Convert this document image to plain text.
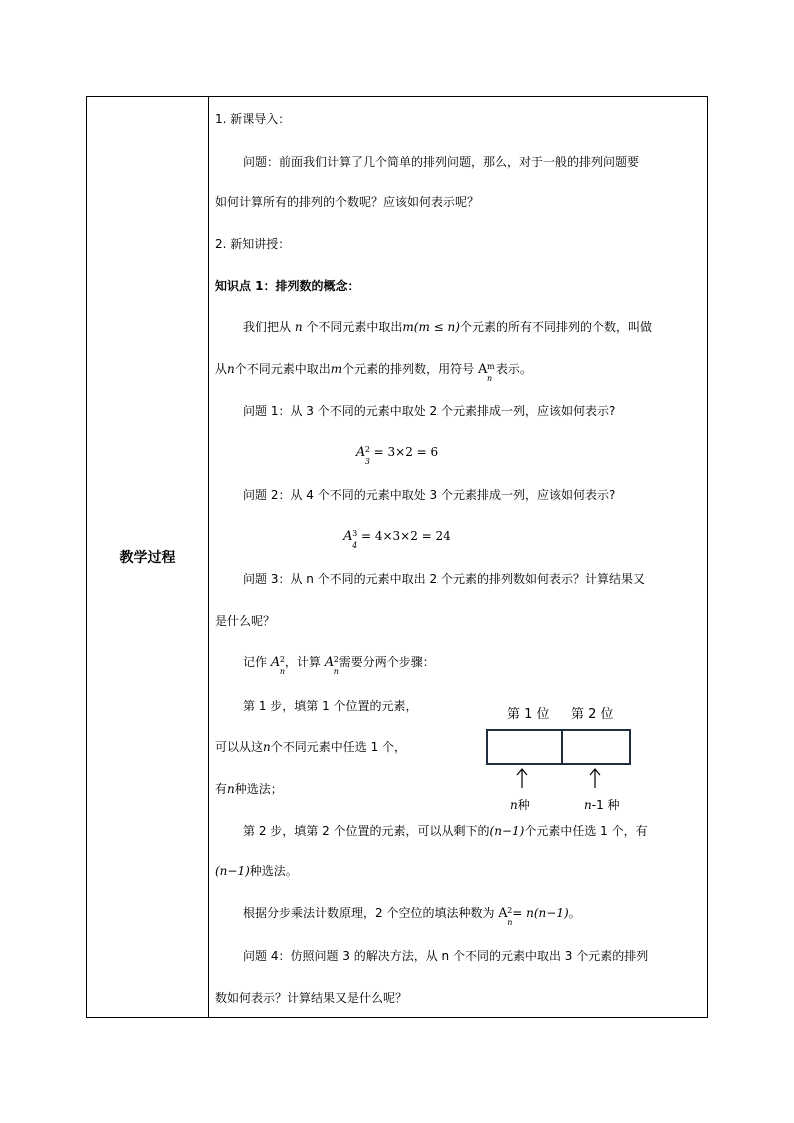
教学过程
1. 新课导入：
问题：前面我们计算了几个简单的排列问题，那么，对于一般的排列问题要
如何计算所有的排列的个数呢？应该如何表示呢？
2. 新知讲授：
知识点 1：排列数的概念：
我们把从 n 个不同元素中取出m(m ≤ n)个元素的所有不同排列的个数，叫做
从n个不同元素中取出m个元素的排列数，用符号 A m
n
表示。
问题 1：从 3 个不同的元素中取处 2 个元素排成一列，应该如何表示?
A 2
3
= 3×2 = 6
问题 2：从 4 个不同的元素中取处 3 个元素排成一列，应该如何表示?
A 3
4
= 4×3×2 = 24
问题 3：从 n 个不同的元素中取出 2 个元素的排列数如何表示？计算结果又
是什么呢？
记作 A 2
n
，计算 A 2
n
需要分两个步骤：
第 1 步，填第 1 个位置的元素，
可以从这n个不同元素中任选 1 个，
有n种选法；
第 1 位 第 2 位
n种	n-1 种
第 2 步，填第 2 个位置的元素，可以从剩下的(n−1)个元素中任选 1 个，有
(n−1)种选法。
根据分步乘法计数原理，2 个空位的填法种数为 A 2
n
= n(n−1)。
问题 4：仿照问题 3 的解决方法，从 n 个不同的元素中取出 3 个元素的排列
数如何表示？计算结果又是什么呢？
